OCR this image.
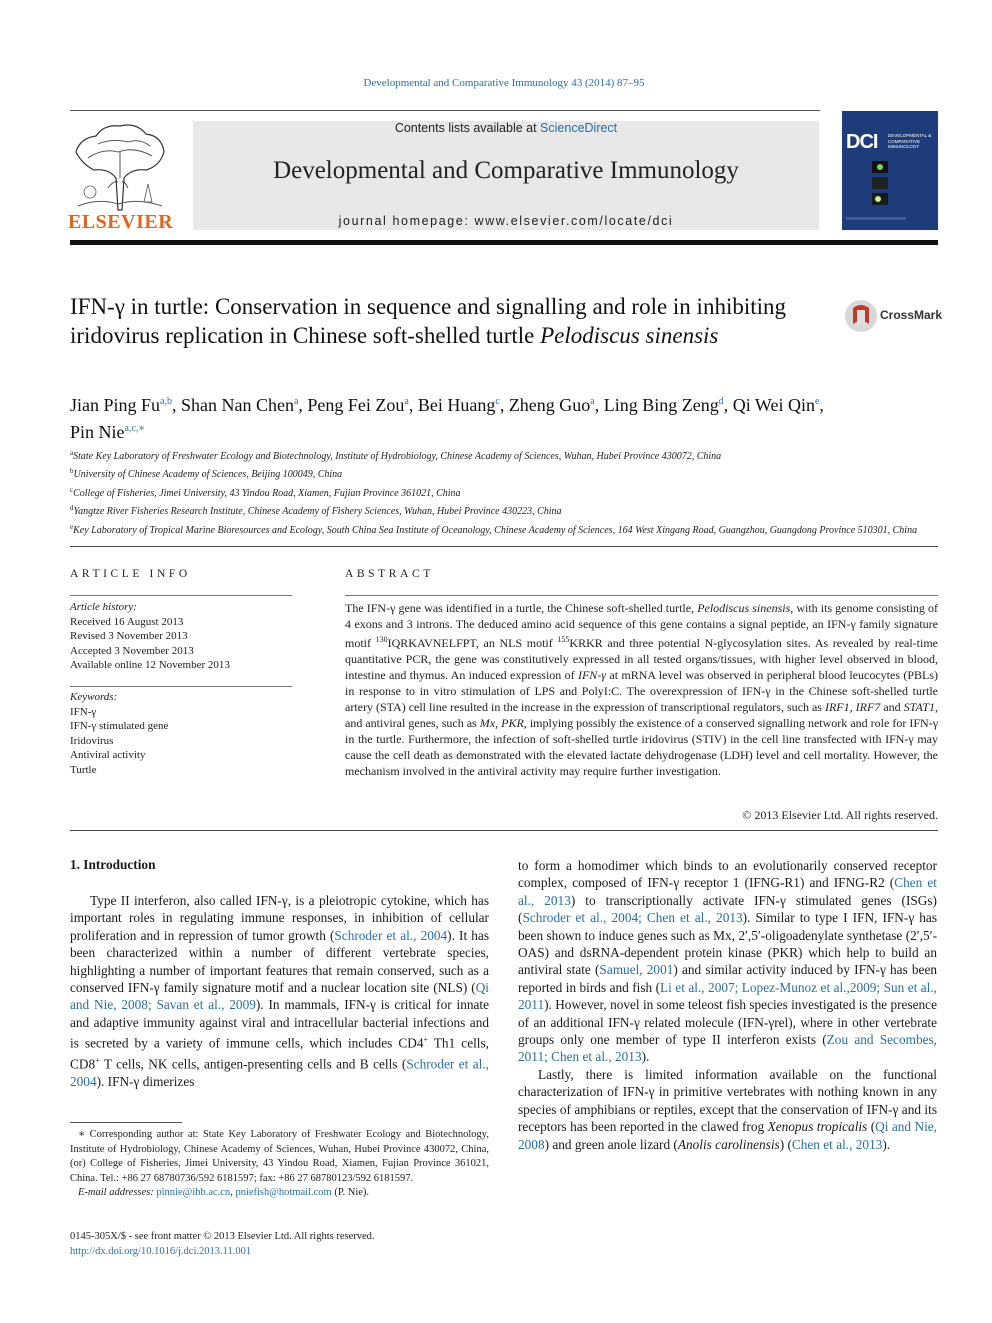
Developmental and Comparative Immunology 43 (2014) 87–95
ELSEVIER
Contents lists available at ScienceDirect
Developmental and Comparative Immunology
journal homepage: www.elsevier.com/locate/dci
DCI DEVELOPMENTAL & COMPARATIVE IMMUNOLOGY
IFN-γ in turtle: Conservation in sequence and signalling and role in inhibiting iridovirus replication in Chinese soft-shelled turtle Pelodiscus sinensis
CrossMark
Jian Ping Fu$^{a,b}$, Shan Nan Chen$^a$, Peng Fei Zou$^a$, Bei Huang$^c$, Zheng Guo$^a$, Ling Bing Zeng$^d$, Qi Wei Qin$^e$,
Pin Nie$^{a,c,∗}$
$^a$State Key Laboratory of Freshwater Ecology and Biotechnology, Institute of Hydrobiology, Chinese Academy of Sciences, Wuhan, Hubei Province 430072, China
$^b$University of Chinese Academy of Sciences, Beijing 100049, China
$^c$College of Fisheries, Jimei University, 43 Yindou Road, Xiamen, Fujian Province 361021, China
$^d$Yangtze River Fisheries Research Institute, Chinese Academy of Fishery Sciences, Wuhan, Hubei Province 430223, China
$^e$Key Laboratory of Tropical Marine Bioresources and Ecology, South China Sea Institute of Oceanology, Chinese Academy of Sciences, 164 West Xingang Road, Guangzhou, Guangdong Province 510301, China
ARTICLE INFO
Article history:
Received 16 August 2013
Revised 3 November 2013
Accepted 3 November 2013
Available online 12 November 2013
Keywords:
IFN-γ
IFN-γ stimulated gene
Iridovirus
Antiviral activity
Turtle
ABSTRACT

The IFN-γ gene was identified in a turtle, the Chinese soft-shelled turtle, Pelodiscus sinensis, with its genome consisting of 4 exons and 3 introns. The deduced amino acid sequence of this gene contains a signal peptide, an IFN-γ family signature motif $^{130}$IQRKAVNELFPT, an NLS motif $^{155}$KRKR and three potential N-glycosylation sites. As revealed by real-time quantitative PCR, the gene was constitutively expressed in all tested organs/tissues, with higher level observed in blood, intestine and thymus. An induced expression of IFN-γ at mRNA level was observed in peripheral blood leucocytes (PBLs) in response to in vitro stimulation of LPS and PolyI:C. The overexpression of IFN-γ in the Chinese soft-shelled turtle artery (STA) cell line resulted in the increase in the expression of transcriptional regulators, such as IRF1, IRF7 and STAT1, and antiviral genes, such as Mx, PKR, implying possibly the existence of a conserved signalling network and role for IFN-γ in the turtle. Furthermore, the infection of soft-shelled turtle iridovirus (STIV) in the cell line transfected with IFN-γ may cause the cell death as demonstrated with the elevated lactate dehydrogenase (LDH) level and cell mortality. However, the mechanism involved in the antiviral activity may require further investigation.

© 2013 Elsevier Ltd. All rights reserved.
1. Introduction

Type II interferon, also called IFN-γ, is a pleiotropic cytokine, which has important roles in regulating immune responses, in inhibition of cellular proliferation and in repression of tumor growth (Schroder et al., 2004). It has been characterized within a number of different vertebrate species, highlighting a number of important features that remain conserved, such as a conserved IFN-γ family signature motif and a nuclear location site (NLS) (Qi and Nie, 2008; Savan et al., 2009). In mammals, IFN-γ is critical for innate and adaptive immunity against viral and intracellular bacterial infections and is secreted by a variety of immune cells, which includes CD4+ Th1 cells, CD8+ T cells, NK cells, antigen-presenting cells and B cells (Schroder et al., 2004). IFN-γ dimerizes

to form a homodimer which binds to an evolutionarily conserved receptor complex, composed of IFN-γ receptor 1 (IFNG-R1) and IFNG-R2 (Chen et al., 2013) to transcriptionally activate IFN-γ stimulated genes (ISGs) (Schroder et al., 2004; Chen et al., 2013). Similar to type I IFN, IFN-γ has been shown to induce genes such as Mx, 2′,5′-oligoadenylate synthetase (2′,5′-OAS) and dsRNA-dependent protein kinase (PKR) which help to build an antiviral state (Samuel, 2001) and similar activity induced by IFN-γ has been reported in birds and fish (Li et al., 2007; Lopez-Munoz et al.,2009; Sun et al., 2011). However, novel in some teleost fish species investigated is the presence of an additional IFN-γ related molecule (IFN-γrel), where in other vertebrate groups only one member of type II interferon exists (Zou and Secombes, 2011; Chen et al., 2013).

Lastly, there is limited information available on the functional characterization of IFN-γ in primitive vertebrates with nothing known in any species of amphibians or reptiles, except that the conservation of IFN-γ and its receptors has been reported in the clawed frog Xenopus tropicalis (Qi and Nie, 2008) and green anole lizard (Anolis carolinensis) (Chen et al., 2013).

∗ Corresponding author at: State Key Laboratory of Freshwater Ecology and Biotechnology, Institute of Hydrobiology, Chinese Academy of Sciences, Wuhan, Hubei Province 430072, China, (or) College of Fisheries, Jimei University, 43 Yindou Road, Xiamen, Fujian Province 361021, China. Tel.: +86 27 68780736/592 6181597; fax: +86 27 68780123/592 6181597.
E-mail addresses: pinnie@ihb.ac.cn, pniefish@hotmail.com (P. Nie).
0145-305X/$ - see front matter © 2013 Elsevier Ltd. All rights reserved.
http://dx.doi.org/10.1016/j.dci.2013.11.001
